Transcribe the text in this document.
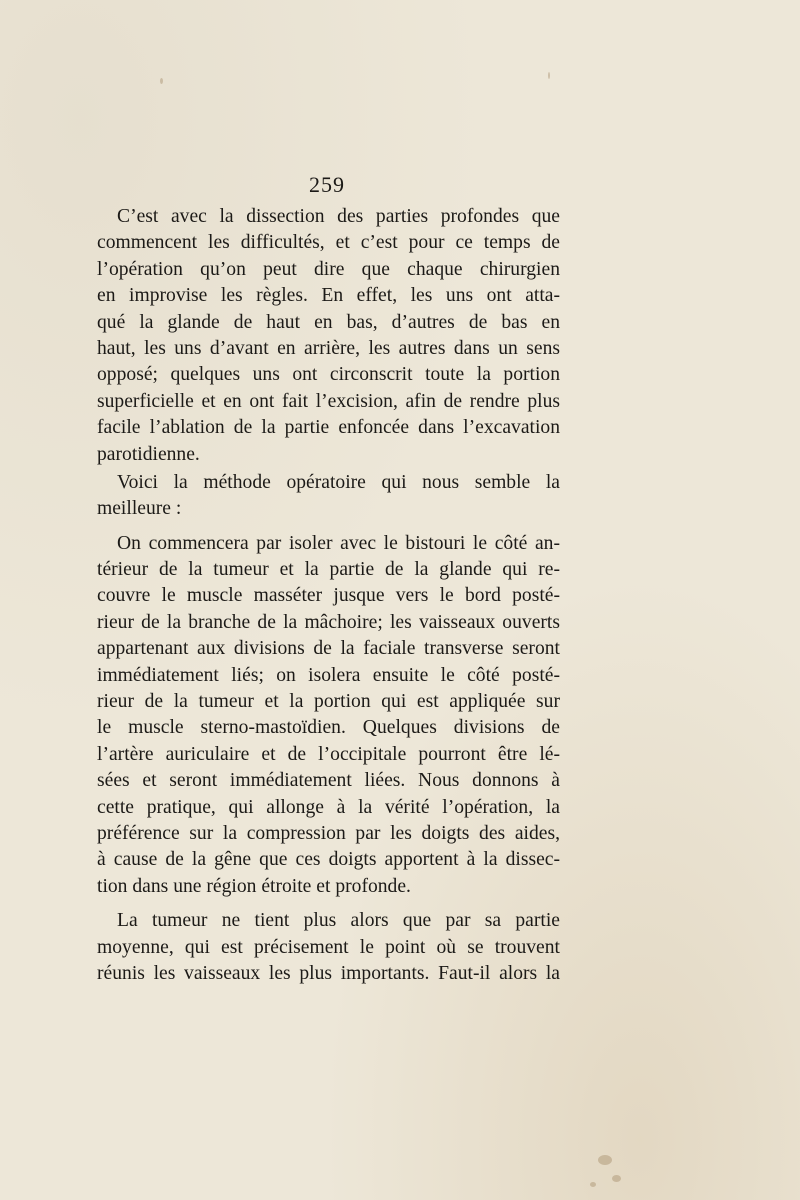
259
C’est avec la dissection des parties profondes que
commencent les difficultés, et c’est pour ce temps de
l’opération qu’on peut dire que chaque chirurgien
en improvise les règles. En effet, les uns ont atta-
qué la glande de haut en bas, d’autres de bas en
haut, les uns d’avant en arrière, les autres dans un sens
opposé; quelques uns ont circonscrit toute la portion
superficielle et en ont fait l’excision, afin de rendre plus
facile l’ablation de la partie enfoncée dans l’excavation
parotidienne.
Voici la méthode opératoire qui nous semble la
meilleure :
On commencera par isoler avec le bistouri le côté an-
térieur de la tumeur et la partie de la glande qui re-
couvre le muscle masséter jusque vers le bord posté-
rieur de la branche de la mâchoire; les vaisseaux ouverts
appartenant aux divisions de la faciale transverse seront
immédiatement liés; on isolera ensuite le côté posté-
rieur de la tumeur et la portion qui est appliquée sur
le muscle sterno-mastoïdien. Quelques divisions de
l’artère auriculaire et de l’occipitale pourront être lé-
sées et seront immédiatement liées. Nous donnons à
cette pratique, qui allonge à la vérité l’opération, la
préférence sur la compression par les doigts des aides,
à cause de la gêne que ces doigts apportent à la dissec-
tion dans une région étroite et profonde.
La tumeur ne tient plus alors que par sa partie
moyenne, qui est précisement le point où se trouvent
réunis les vaisseaux les plus importants. Faut-il alors la
